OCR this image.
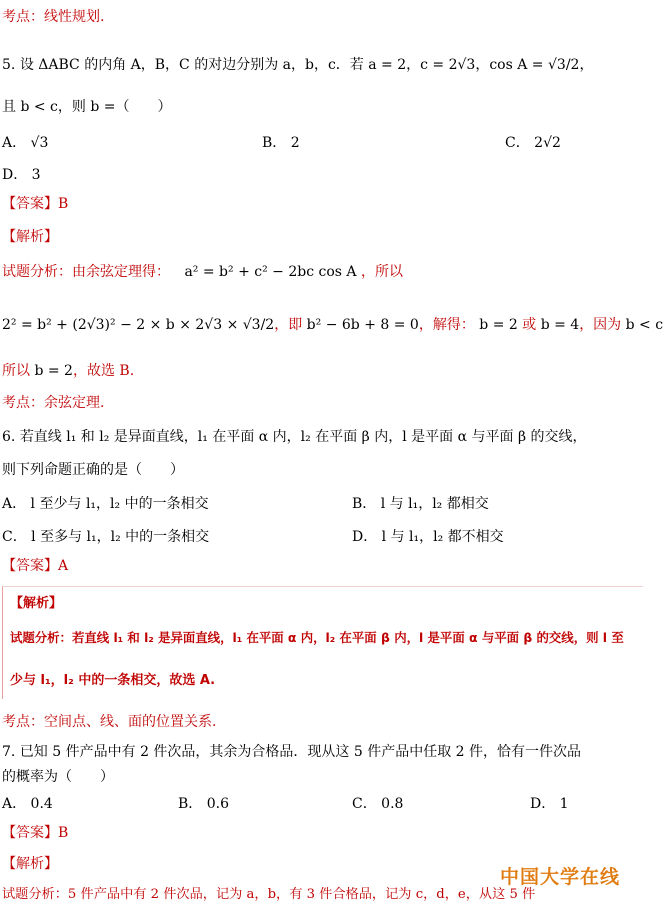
考点：线性规划.
5. 设 ΔABC 的内角 A，B，C 的对边分别为 a，b，c．若 a = 2，c = 2√3，cos A = √3/2，
且 b < c，则 b =（　　）
A． √3	B． 2	C． 2√2
D． 3
【答案】B
【解析】
试题分析：由余弦定理得： a² = b² + c² − 2bc cos A ，所以
2² = b² + (2√3)² − 2 × b × 2√3 × √3/2，即 b² − 6b + 8 = 0，解得： b = 2 或 b = 4，因为 b < c
所以 b = 2，故选 B.
考点：余弦定理.
6. 若直线 l₁ 和 l₂ 是异面直线，l₁ 在平面 α 内，l₂ 在平面 β 内，l 是平面 α 与平面 β 的交线，
则下列命题正确的是（　　）
A． l 至少与 l₁，l₂ 中的一条相交	B． l 与 l₁，l₂ 都相交
C． l 至多与 l₁，l₂ 中的一条相交	D． l 与 l₁，l₂ 都不相交
【答案】A
【解析】
试题分析：若直线 l₁ 和 l₂ 是异面直线，l₁ 在平面 α 内，l₂ 在平面 β 内，l 是平面 α 与平面 β 的交线，则 l 至
少与 l₁，l₂ 中的一条相交，故选 A.
考点：空间点、线、面的位置关系.
7. 已知 5 件产品中有 2 件次品，其余为合格品．现从这 5 件产品中任取 2 件，恰有一件次品
的概率为（　　）
A． 0.4	B． 0.6	C． 0.8	D． 1
【答案】B
【解析】
试题分析：5 件产品中有 2 件次品，记为 a，b，有 3 件合格品，记为 c，d，e，从这 5 件
中国大学在线
